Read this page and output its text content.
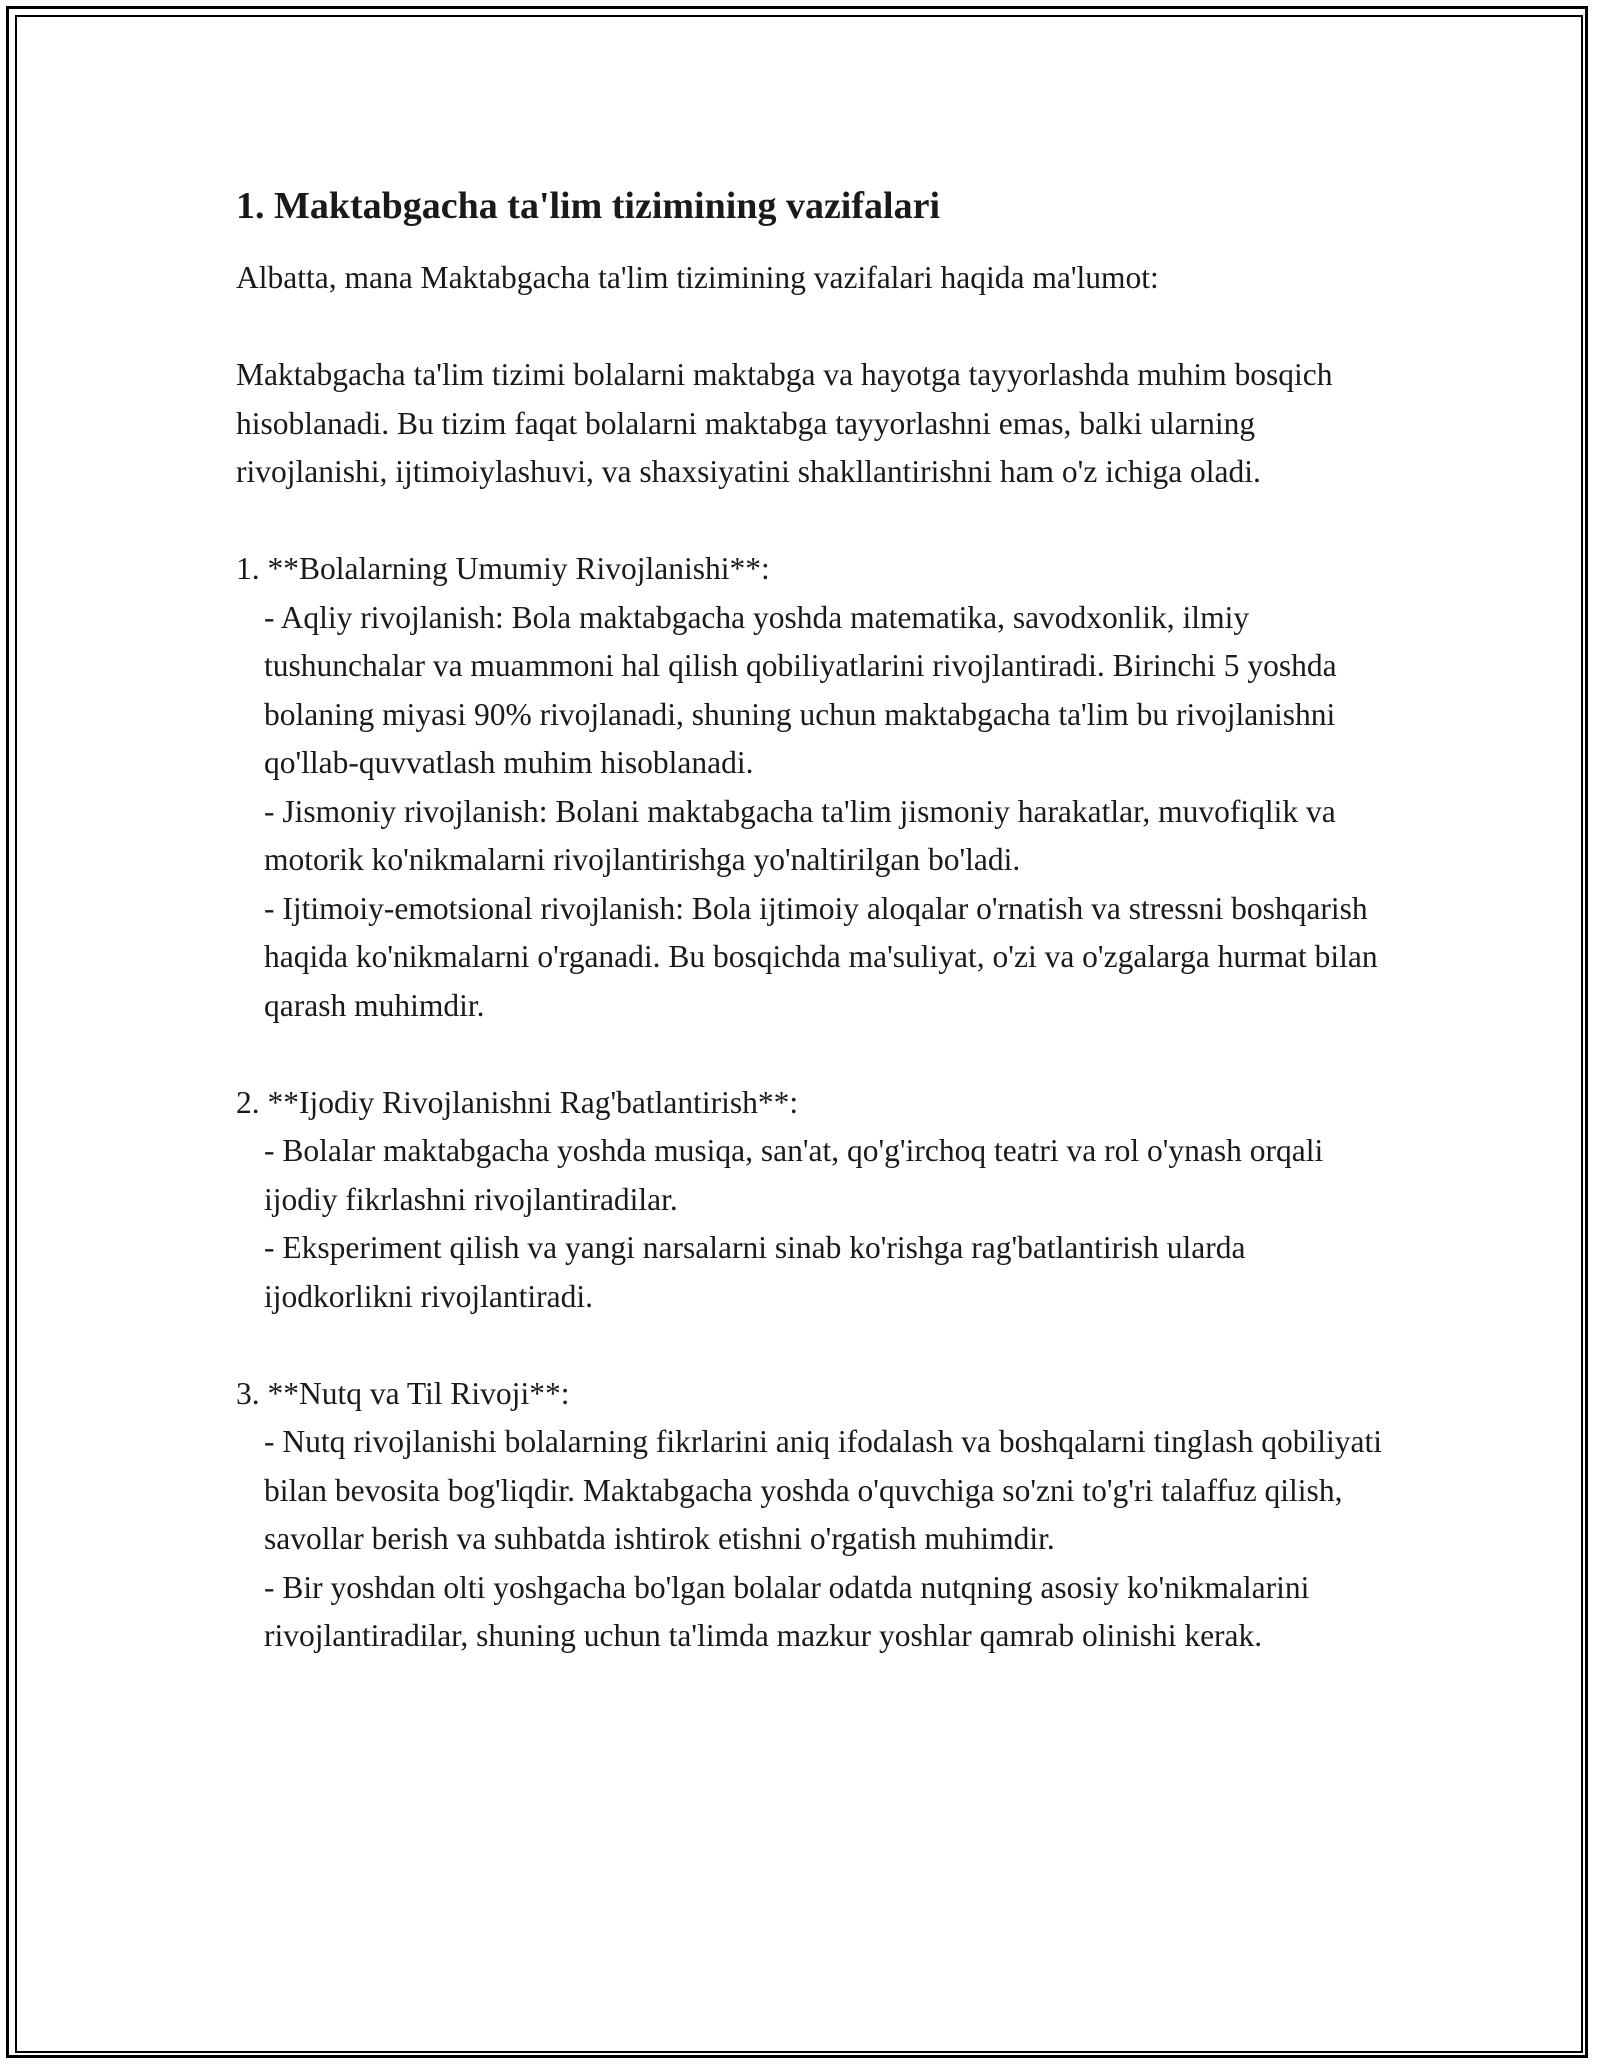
1. Maktabgacha ta'lim tizimining vazifalari

Albatta, mana Maktabgacha ta'lim tizimining vazifalari haqida ma'lumot:

Maktabgacha ta'lim tizimi bolalarni maktabga va hayotga tayyorlashda muhim bosqich hisoblanadi. Bu tizim faqat bolalarni maktabga tayyorlashni emas, balki ularning rivojlanishi, ijtimoiylashuvi, va shaxsiyatini shakllantirishni ham o'z ichiga oladi.

1. **Bolalarning Umumiy Rivojlanishi**:

- Aqliy rivojlanish: Bola maktabgacha yoshda matematika, savodxonlik, ilmiy tushunchalar va muammoni hal qilish qobiliyatlarini rivojlantiradi. Birinchi 5 yoshda bolaning miyasi 90% rivojlanadi, shuning uchun maktabgacha ta'lim bu rivojlanishni qo'llab-quvvatlash muhim hisoblanadi.

- Jismoniy rivojlanish: Bolani maktabgacha ta'lim jismoniy harakatlar, muvofiqlik va motorik ko'nikmalarni rivojlantirishga yo'naltirilgan bo'ladi.

- Ijtimoiy-emotsional rivojlanish: Bola ijtimoiy aloqalar o'rnatish va stressni boshqarish haqida ko'nikmalarni o'rganadi. Bu bosqichda ma'suliyat, o'zi va o'zgalarga hurmat bilan qarash muhimdir.

2. **Ijodiy Rivojlanishni Rag'batlantirish**:

- Bolalar maktabgacha yoshda musiqa, san'at, qo'g'irchoq teatri va rol o'ynash orqali ijodiy fikrlashni rivojlantiradilar.

- Eksperiment qilish va yangi narsalarni sinab ko'rishga rag'batlantirish ularda ijodkorlikni rivojlantiradi.

3. **Nutq va Til Rivoji**:

- Nutq rivojlanishi bolalarning fikrlarini aniq ifodalash va boshqalarni tinglash qobiliyati bilan bevosita bog'liqdir. Maktabgacha yoshda o'quvchiga so'zni to'g'ri talaffuz qilish, savollar berish va suhbatda ishtirok etishni o'rgatish muhimdir.

- Bir yoshdan olti yoshgacha bo'lgan bolalar odatda nutqning asosiy ko'nikmalarini rivojlantiradilar, shuning uchun ta'limda mazkur yoshlar qamrab olinishi kerak.
